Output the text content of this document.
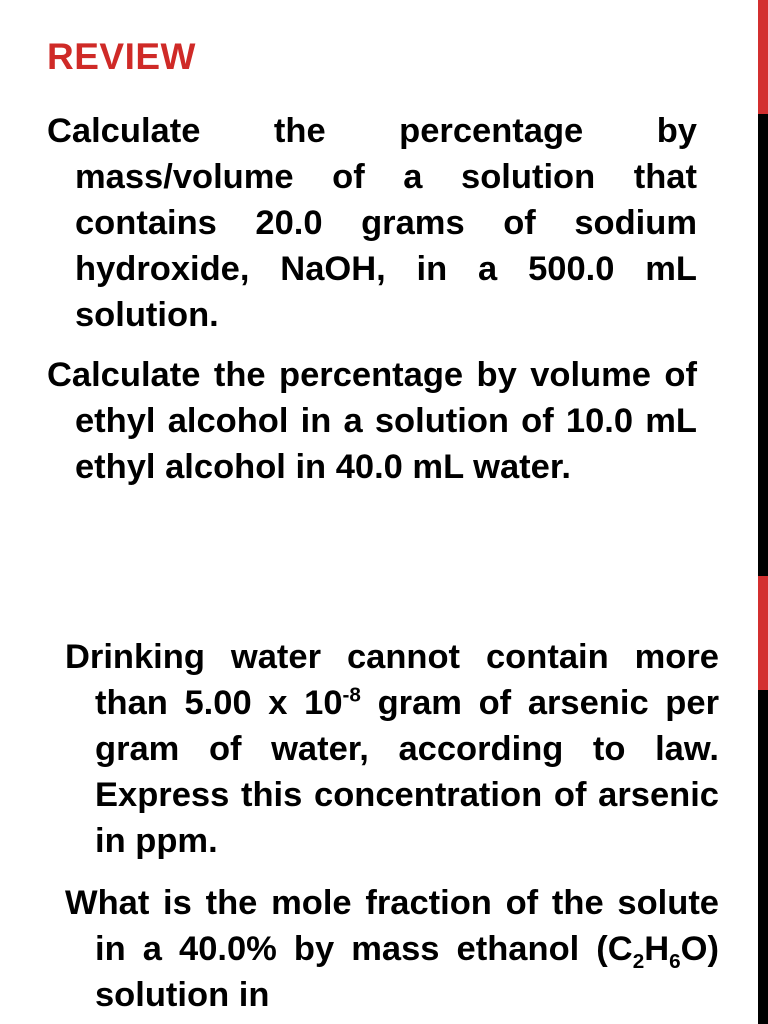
REVIEW

Calculate the percentage by mass/volume of a solution that contains 20.0 grams of sodium hydroxide, NaOH, in a 500.0 mL solution.

Calculate the percentage by volume of ethyl alcohol in a solution of 10.0 mL ethyl alcohol in 40.0 mL water.

Drinking water cannot contain more than 5.00 x $10^{-8}$ gram of arsenic per gram of water, according to law. Express this concentration of arsenic in ppm.

What is the mole fraction of the solute in a 40.0% by mass ethanol $(C_2H_6O)$ solution in
